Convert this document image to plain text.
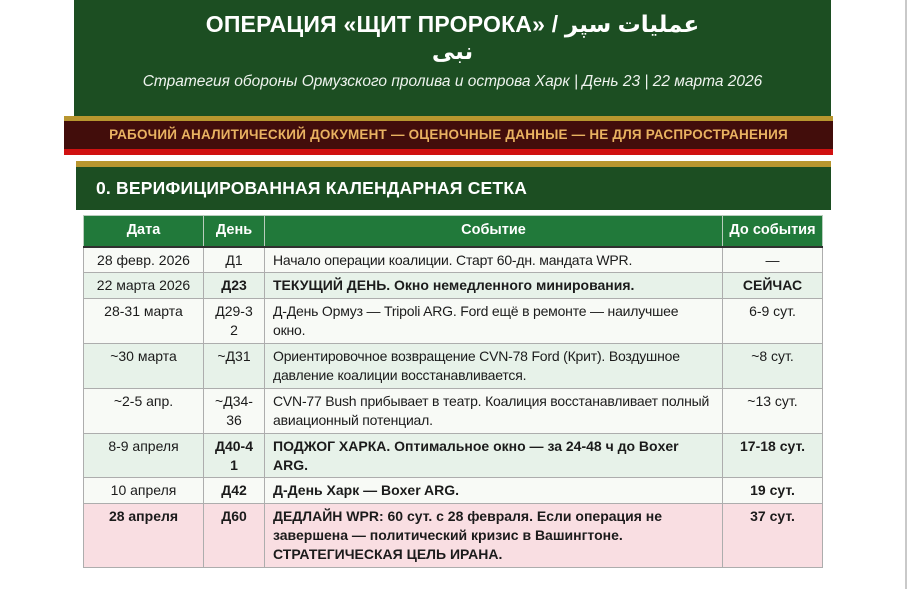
ОПЕРАЦИЯ «ЩИТ ПРОРОКА» / عملیات سپر
نبی
Стратегия обороны Ормузского пролива и острова Харк | День 23 | 22 марта 2026
РАБОЧИЙ АНАЛИТИЧЕСКИЙ ДОКУМЕНТ — ОЦЕНОЧНЫЕ ДАННЫЕ — НЕ ДЛЯ РАСПРОСТРАНЕНИЯ
0. ВЕРИФИЦИРОВАННАЯ КАЛЕНДАРНАЯ СЕТКА
Дата	День	Событие	До события
28 февр. 2026	Д1	Начало операции коалиции. Старт 60-дн. мандата WPR.	—
22 марта 2026	Д23	ТЕКУЩИЙ ДЕНЬ. Окно немедленного минирования.	СЕЙЧАС
28-31 марта	Д29-32	Д-День Ормуз — Tripoli ARG. Ford ещё в ремонте — наилучшее окно.	6-9 сут.
~30 марта	~Д31	Ориентировочное возвращение CVN-78 Ford (Крит). Воздушное давление коалиции восстанавливается.	~8 сут.
~2-5 апр.	~Д34-36	CVN-77 Bush прибывает в театр. Коалиция восстанавливает полный авиационный потенциал.	~13 сут.
8-9 апреля	Д40-41	ПОДЖОГ ХАРКА. Оптимальное окно — за 24-48 ч до Boxer ARG.	17-18 сут.
10 апреля	Д42	Д-День Харк — Boxer ARG.	19 сут.
28 апреля	Д60	ДЕДЛАЙН WPR: 60 сут. с 28 февраля. Если операция не завершена — политический кризис в Вашингтоне. СТРАТЕГИЧЕСКАЯ ЦЕЛЬ ИРАНА.	37 сут.
